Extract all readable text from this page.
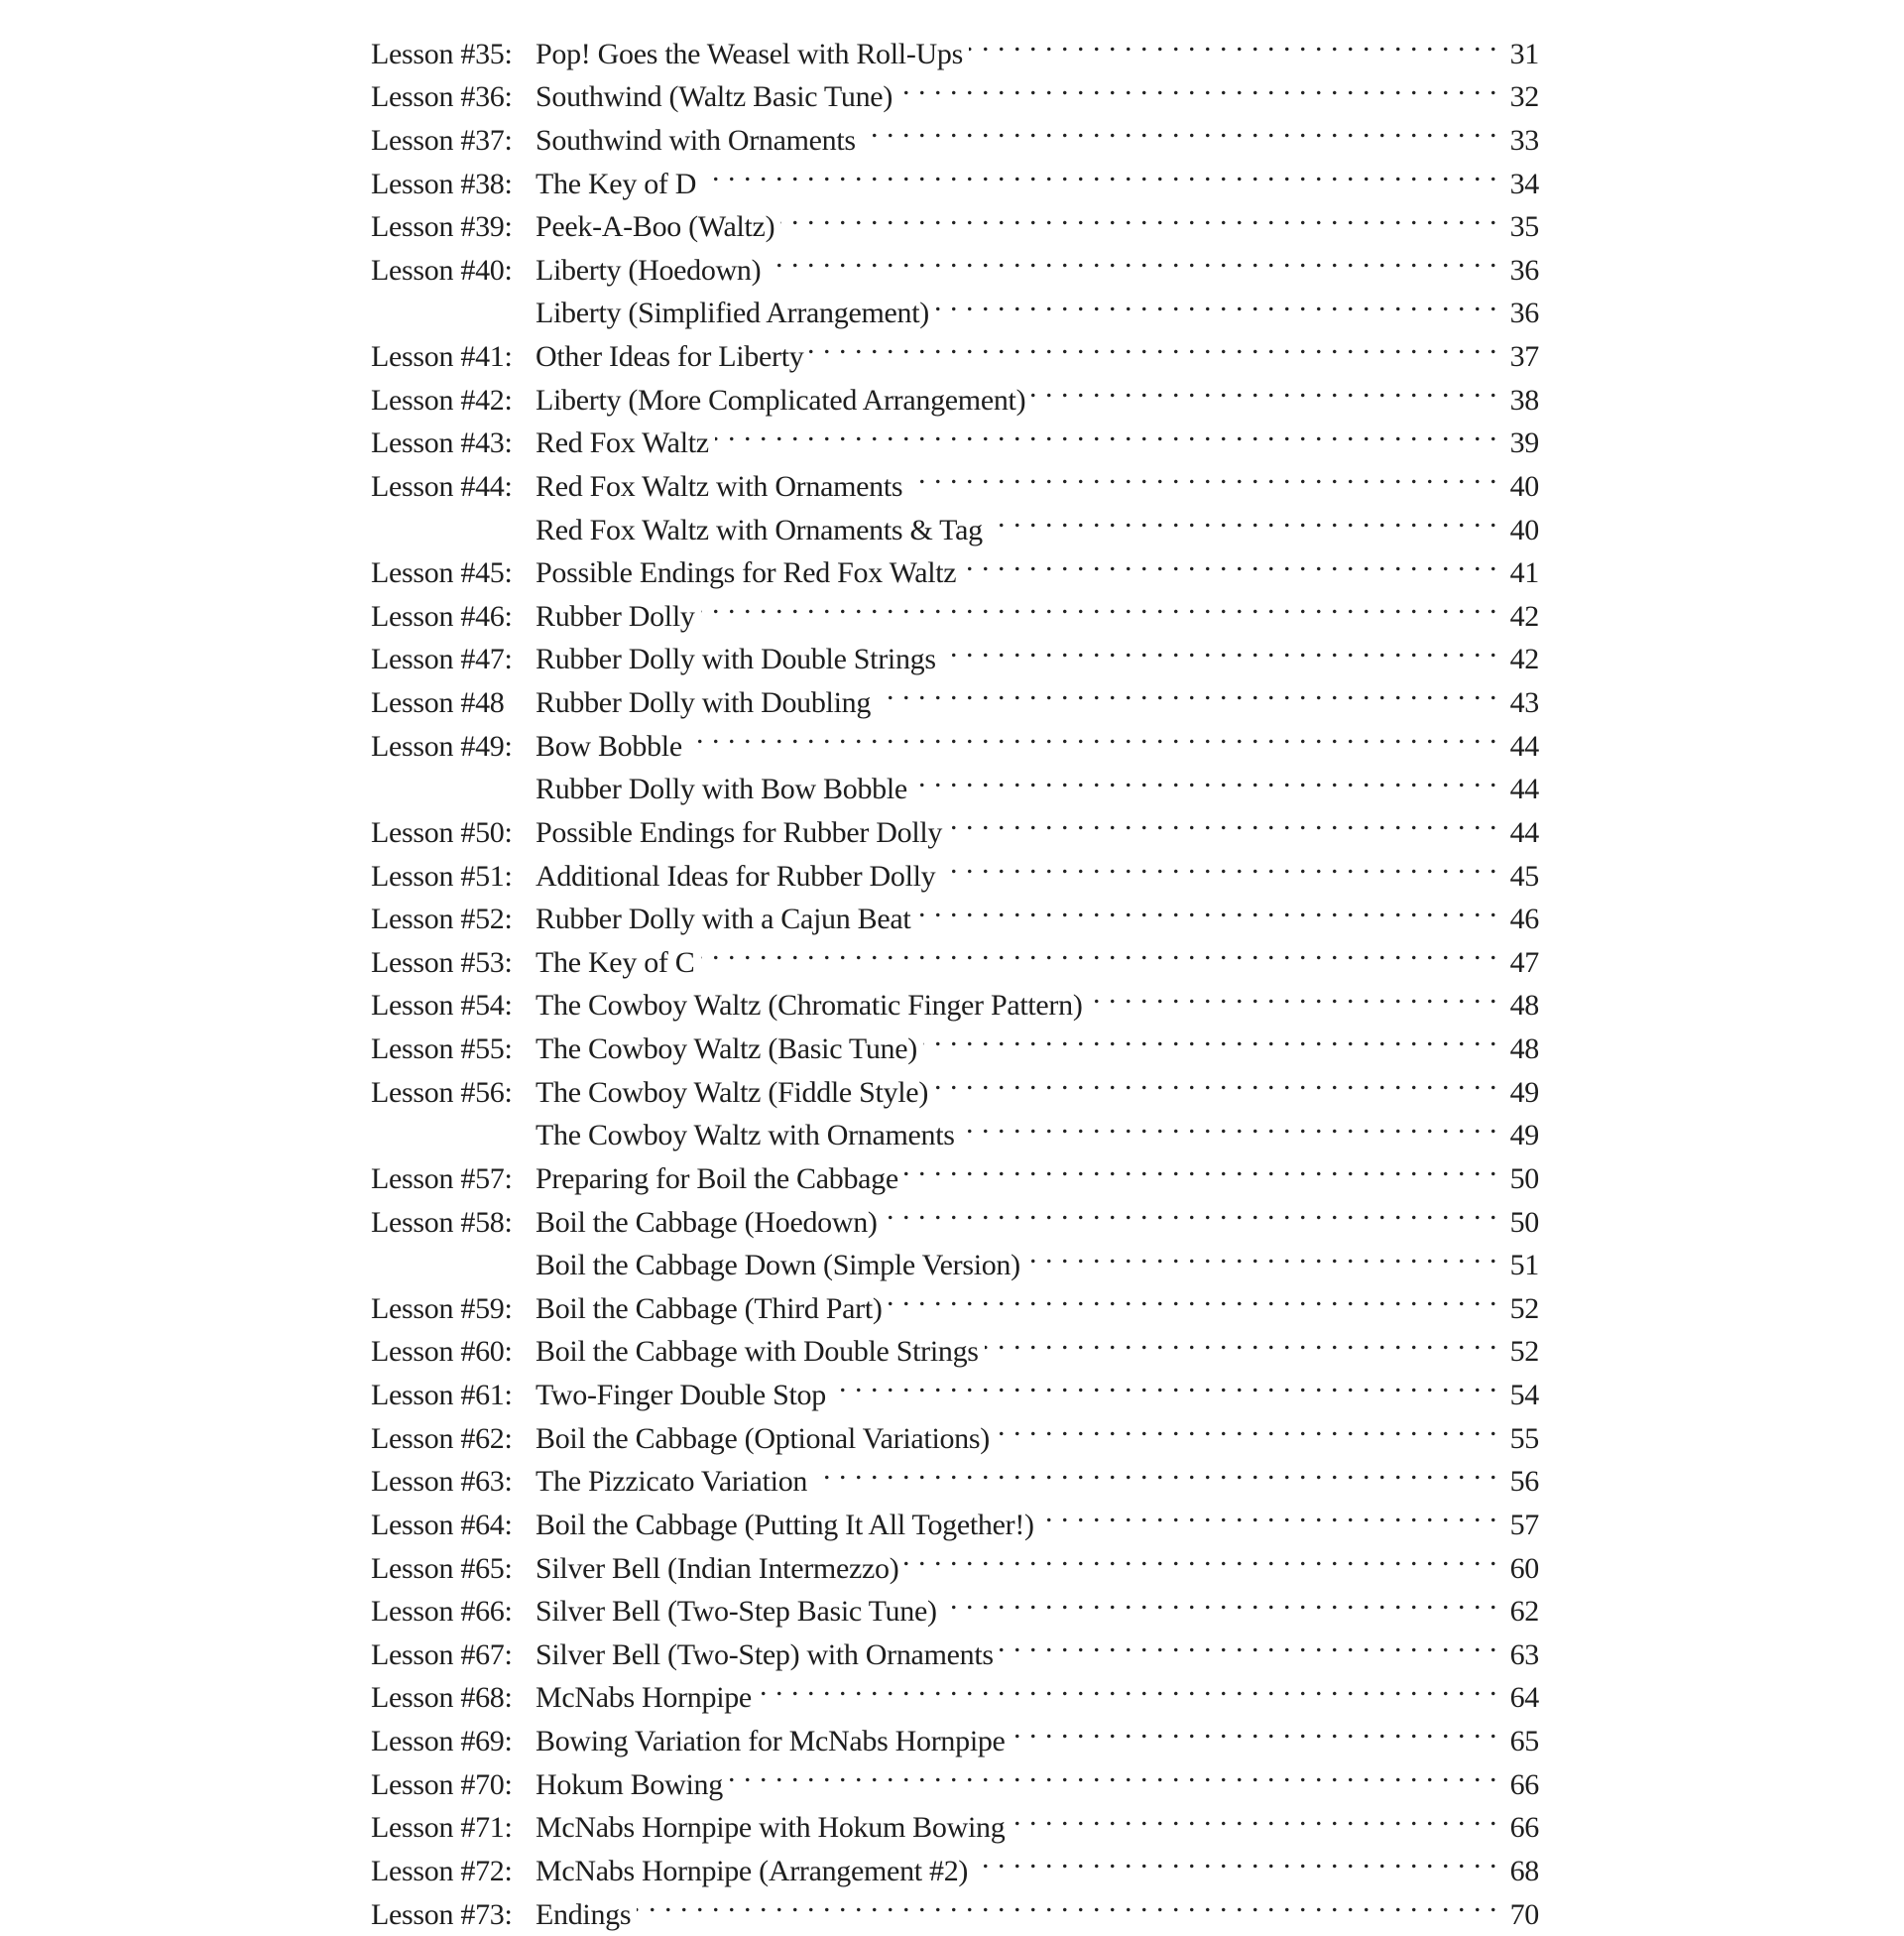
Lesson #35: Pop! Goes the Weasel with Roll-Ups . . .	31
Lesson #36: Southwind (Waltz Basic Tune) . . .	32
Lesson #37: Southwind with Ornaments . . .	33
Lesson #38: The Key of D . . .	34
Lesson #39: Peek-A-Boo (Waltz) . . .	35
Lesson #40: Liberty (Hoedown) . . .	36
Liberty (Simplified Arrangement) . . .	36
Lesson #41: Other Ideas for Liberty . . .	37
Lesson #42: Liberty (More Complicated Arrangement) . . .	38
Lesson #43: Red Fox Waltz . . .	39
Lesson #44: Red Fox Waltz with Ornaments . . .	40
Red Fox Waltz with Ornaments & Tag . . .	40
Lesson #45: Possible Endings for Red Fox Waltz . . .	41
Lesson #46: Rubber Dolly . . .	42
Lesson #47: Rubber Dolly with Double Strings . . .	42
Lesson #48	Rubber Dolly with Doubling . . .	43
Lesson #49: Bow Bobble . . .	44
Rubber Dolly with Bow Bobble . . .	44
Lesson #50: Possible Endings for Rubber Dolly . . .	44
Lesson #51: Additional Ideas for Rubber Dolly . . .	45
Lesson #52: Rubber Dolly with a Cajun Beat . . .	46
Lesson #53: The Key of C . . .	47
Lesson #54: The Cowboy Waltz (Chromatic Finger Pattern) . . .	48
Lesson #55: The Cowboy Waltz (Basic Tune) . . .	48
Lesson #56: The Cowboy Waltz (Fiddle Style) . . .	49
The Cowboy Waltz with Ornaments . . .	49
Lesson #57: Preparing for Boil the Cabbage . . .	50
Lesson #58: Boil the Cabbage (Hoedown) . . .	50
Boil the Cabbage Down (Simple Version) . . .	51
Lesson #59: Boil the Cabbage (Third Part) . . .	52
Lesson #60: Boil the Cabbage with Double Strings . . .	52
Lesson #61: Two-Finger Double Stop . . .	54
Lesson #62: Boil the Cabbage (Optional Variations) . . .	55
Lesson #63: The Pizzicato Variation . . .	56
Lesson #64: Boil the Cabbage (Putting It All Together!) . . .	57
Lesson #65: Silver Bell (Indian Intermezzo) . . .	60
Lesson #66: Silver Bell (Two-Step Basic Tune) . . .	62
Lesson #67: Silver Bell (Two-Step) with Ornaments . . .	63
Lesson #68: McNabs Hornpipe . . .	64
Lesson #69: Bowing Variation for McNabs Hornpipe . . .	65
Lesson #70: Hokum Bowing . . .	66
Lesson #71: McNabs Hornpipe with Hokum Bowing . . .	66
Lesson #72: McNabs Hornpipe (Arrangement #2) . . .	68
Lesson #73: Endings . . .	70
